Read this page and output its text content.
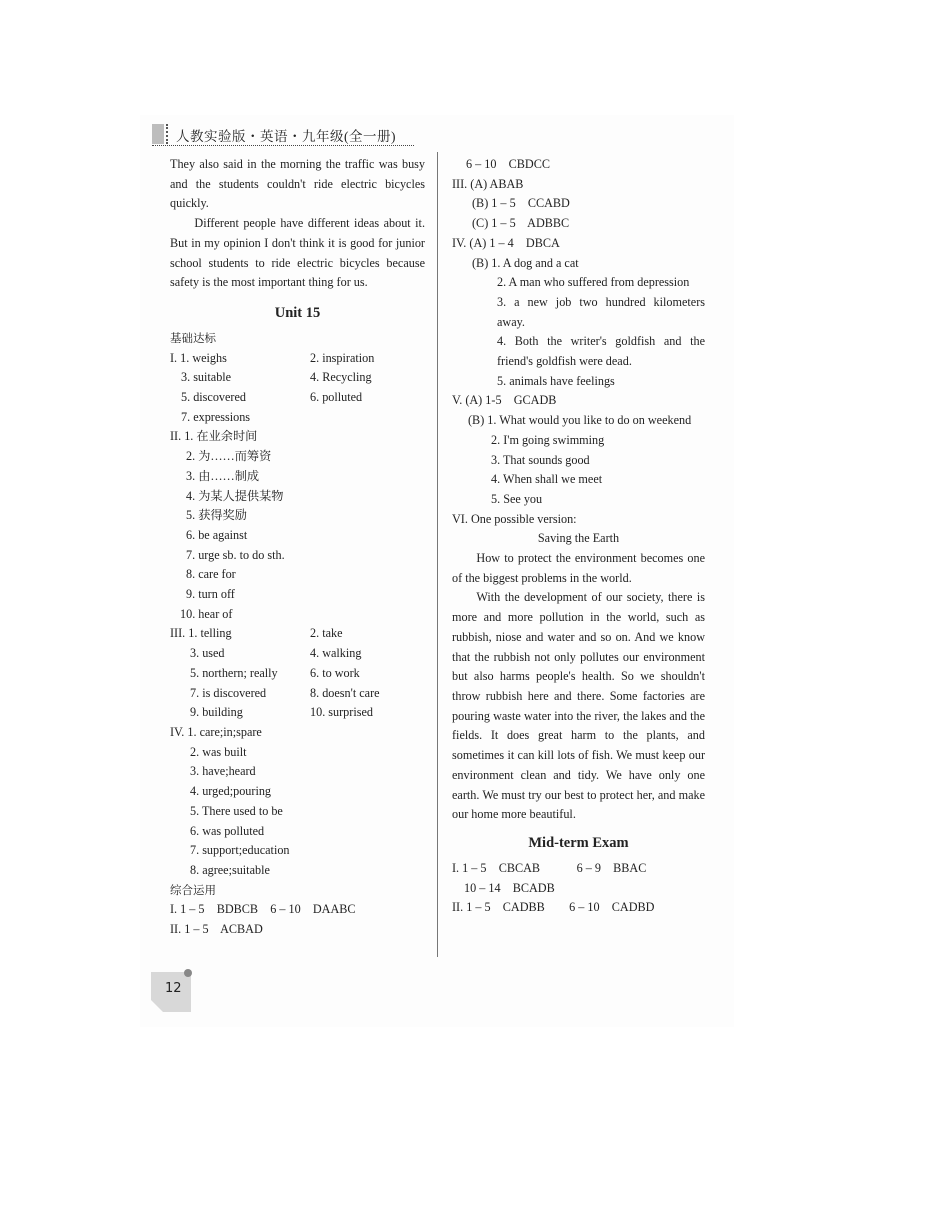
人教实验版・英语・九年级(全一册)

They also said in the morning the traffic was busy and the students couldn't ride electric bicycles quickly.

Different people have different ideas about it. But in my opinion I don't think it is good for junior school students to ride electric bicycles because safety is the most important thing for us.

Unit 15
基础达标
I. 1. weighs	2. inspiration
3. suitable	4. Recycling
5. discovered	6. polluted
7. expressions
II. 1. 在业余时间
2. 为……而筹资
3. 由……制成
4. 为某人提供某物
5. 获得奖励
6. be against
7. urge sb. to do sth.
8. care for
9. turn off
10. hear of
III. 1. telling	2. take
3. used	4. walking
5. northern; really	6. to work
7. is discovered	8. doesn't care
9. building	10. surprised
IV. 1. care;in;spare
2. was built
3. have;heard
4. urged;pouring
5. There used to be
6. was polluted
7. support;education
8. agree;suitable
综合运用
I. 1 – 5    BDBCB    6 – 10    DAABC
II. 1 – 5    ACBAD
6 – 10    CBDCC
III. (A) ABAB
(B) 1 – 5    CCABD
(C) 1 – 5    ADBBC
IV. (A) 1 – 4    DBCA
(B) 1. A dog and a cat
2. A man who suffered from depression
3. a new job two hundred kilometers away.
4. Both the writer's goldfish and the friend's goldfish were dead.
5. animals have feelings
V. (A) 1-5    GCADB
(B) 1. What would you like to do on weekend
2. I'm going swimming
3. That sounds good
4. When shall we meet
5. See you
VI. One possible version:
Saving the Earth

How to protect the environment becomes one of the biggest problems in the world.

With the development of our society, there is more and more pollution in the world, such as rubbish, niose and water and so on. And we know that the rubbish not only pollutes our environment but also harms people's health. So we shouldn't throw rubbish here and there. Some factories are pouring waste water into the river, the lakes and the fields. It does great harm to the plants, and sometimes it can kill lots of fish. We must keep our environment clean and tidy. We have only one earth. We must try our best to protect her, and make our home more beautiful.

Mid-term Exam
I. 1 – 5    CBCAB            6 – 9    BBAC
10 – 14    BCADB
II. 1 – 5    CADBB        6 – 10    CADBD
12
